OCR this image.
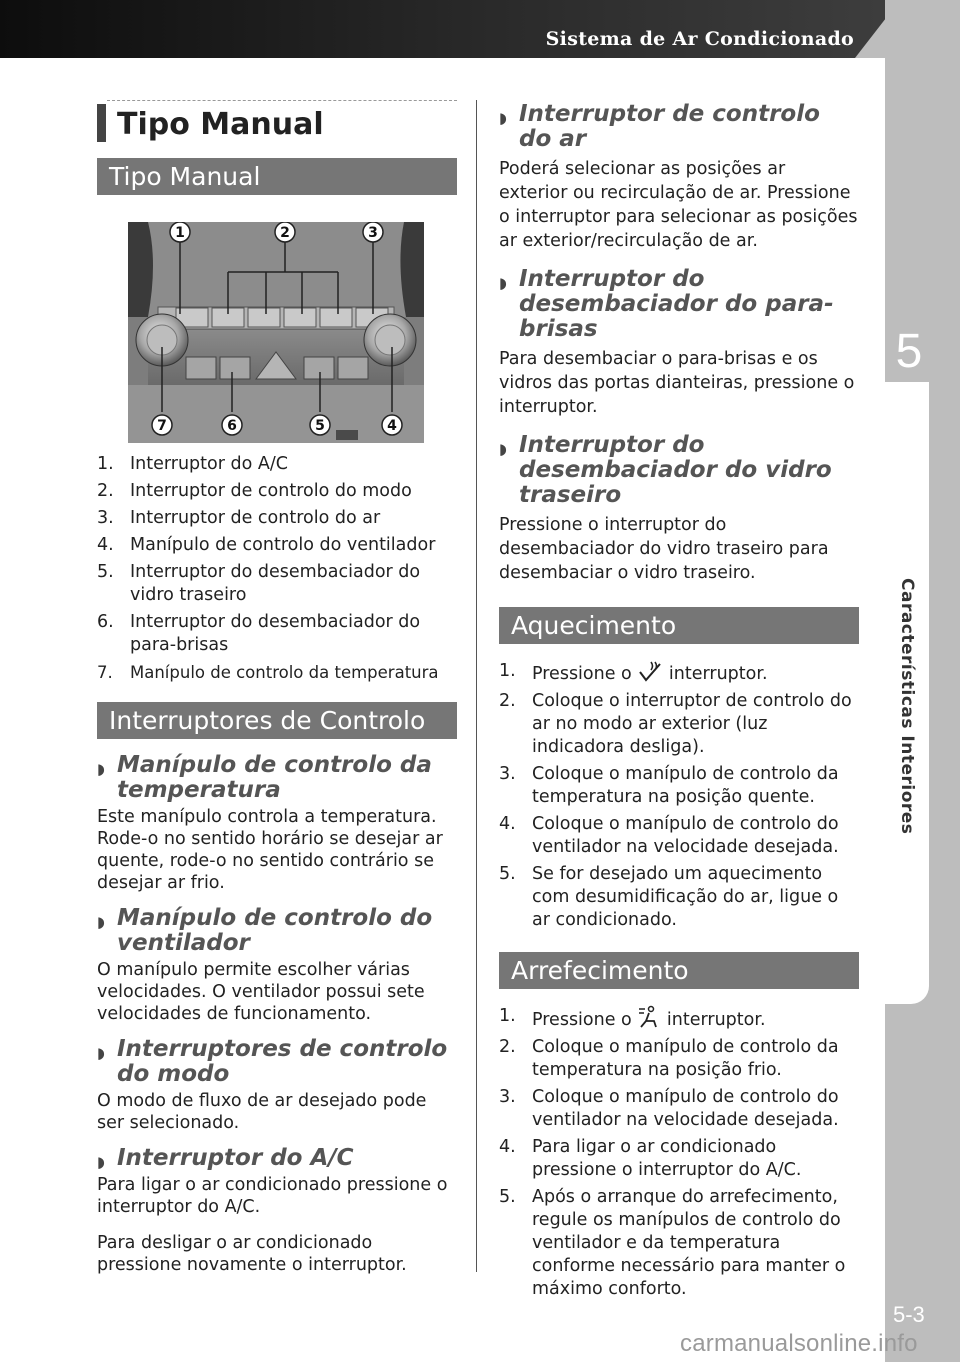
Sistema de Ar Condicionado
5
Características Interiores
5-3
carmanualsonline.info
Tipo Manual
Tipo Manual
1	2	3
4
5
6
7
1. Interruptor do A/C
2. Interruptor de controlo do modo
3. Interruptor de controlo do ar
4. Manípulo de controlo do ventilador
5. Interruptor do desembaciador do vidro traseiro
6. Interruptor do desembaciador do para-brisas
7. Manípulo de controlo da temperatura
Interruptores de Controlo
◗ Manípulo de controlo da temperatura
Este manípulo controla a temperatura. Rode-o no sentido horário se desejar ar quente, rode-o no sentido contrário se desejar ar frio.
◗ Manípulo de controlo do ventilador
O manípulo permite escolher várias velocidades. O ventilador possui sete velocidades de funcionamento.
◗ Interruptores de controlo do modo
O modo de fluxo de ar desejado pode ser selecionado.
◗ Interruptor do A/C
Para ligar o ar condicionado pressione o interruptor do A/C.
Para desligar o ar condicionado pressione novamente o interruptor.
◗ Interruptor de controlo do ar
Poderá selecionar as posições ar exterior ou recirculação de ar. Pressione o interruptor para selecionar as posições ar exterior/recirculação de ar.
◗ Interruptor do desembaciador do para-brisas
Para desembaciar o para-brisas e os vidros das portas dianteiras, pressione o interruptor.
◗ Interruptor do desembaciador do vidro traseiro
Pressione o interruptor do desembaciador do vidro traseiro para desembaciar o vidro traseiro.
Aquecimento
1. Pressione o interruptor.
2. Coloque o interruptor de controlo do ar no modo ar exterior (luz indicadora desliga).
3. Coloque o manípulo de controlo da temperatura na posição quente.
4. Coloque o manípulo de controlo do ventilador na velocidade desejada.
5. Se for desejado um aquecimento com desumidificação do ar, ligue o ar condicionado.
Arrefecimento
1. Pressione o interruptor.
2. Coloque o manípulo de controlo da temperatura na posição frio.
3. Coloque o manípulo de controlo do ventilador na velocidade desejada.
4. Para ligar o ar condicionado pressione o interruptor do A/C.
5. Após o arranque do arrefecimento, regule os manípulos de controlo do ventilador e da temperatura conforme necessário para manter o máximo conforto.
